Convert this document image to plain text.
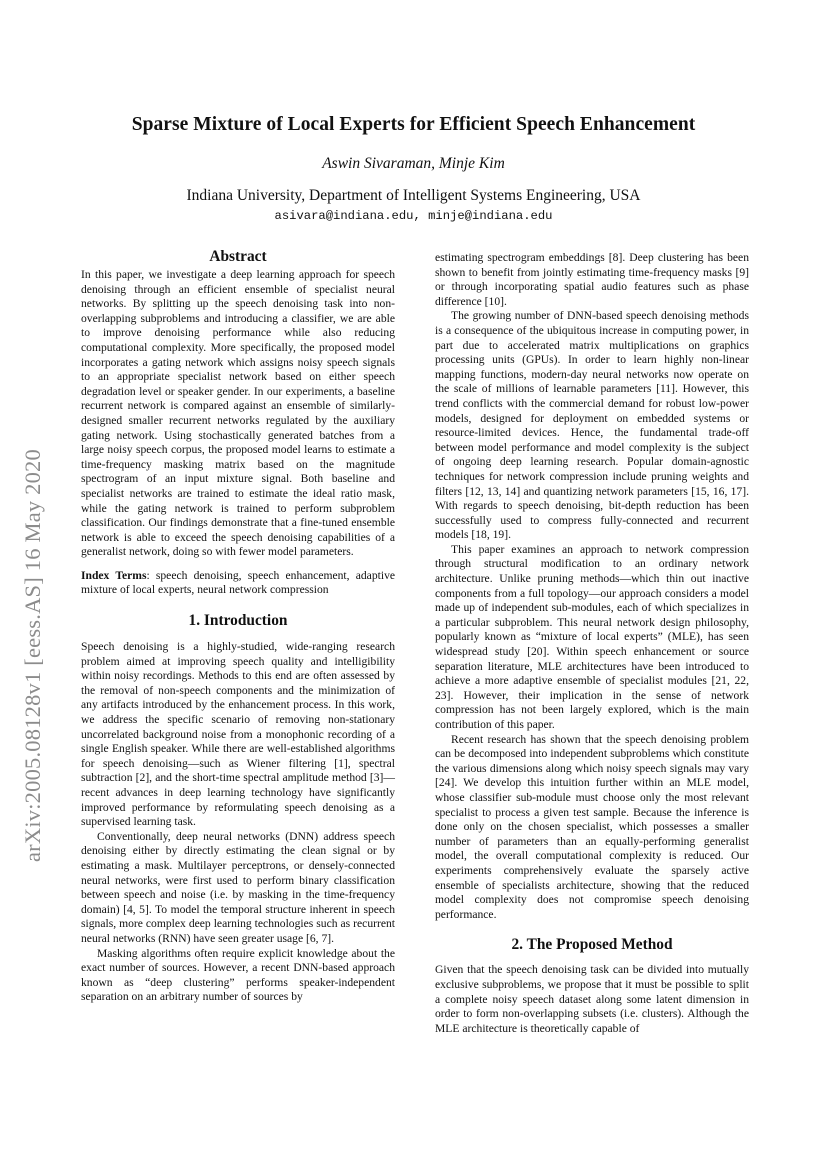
Sparse Mixture of Local Experts for Efficient Speech Enhancement
Aswin Sivaraman, Minje Kim
Indiana University, Department of Intelligent Systems Engineering, USA
asivara@indiana.edu, minje@indiana.edu
arXiv:2005.08128v1 [eess.AS] 16 May 2020
Abstract

In this paper, we investigate a deep learning approach for speech denoising through an efficient ensemble of specialist neural networks. By splitting up the speech denoising task into non-overlapping subproblems and introducing a classifier, we are able to improve denoising performance while also reducing computational complexity. More specifically, the proposed model incorporates a gating network which assigns noisy speech signals to an appropriate specialist network based on either speech degradation level or speaker gender. In our experiments, a baseline recurrent network is compared against an ensemble of similarly-designed smaller recurrent networks regulated by the auxiliary gating network. Using stochastically generated batches from a large noisy speech corpus, the proposed model learns to estimate a time-frequency masking matrix based on the magnitude spectrogram of an input mixture signal. Both baseline and specialist networks are trained to estimate the ideal ratio mask, while the gating network is trained to perform subproblem classification. Our findings demonstrate that a fine-tuned ensemble network is able to exceed the speech denoising capabilities of a generalist network, doing so with fewer model parameters.

Index Terms: speech denoising, speech enhancement, adaptive mixture of local experts, neural network compression

1. Introduction

Speech denoising is a highly-studied, wide-ranging research problem aimed at improving speech quality and intelligibility within noisy recordings. Methods to this end are often assessed by the removal of non-speech components and the minimization of any artifacts introduced by the enhancement process. In this work, we address the specific scenario of removing non-stationary uncorrelated background noise from a monophonic recording of a single English speaker. While there are well-established algorithms for speech denoising—such as Wiener filtering [1], spectral subtraction [2], and the short-time spectral amplitude method [3]—recent advances in deep learning technology have significantly improved performance by reformulating speech denoising as a supervised learning task.

Conventionally, deep neural networks (DNN) address speech denoising either by directly estimating the clean signal or by estimating a mask. Multilayer perceptrons, or densely-connected neural networks, were first used to perform binary classification between speech and noise (i.e. by masking in the time-frequency domain) [4, 5]. To model the temporal structure inherent in speech signals, more complex deep learning technologies such as recurrent neural networks (RNN) have seen greater usage [6, 7].

Masking algorithms often require explicit knowledge about the exact number of sources. However, a recent DNN-based approach known as “deep clustering” performs speaker-independent separation on an arbitrary number of sources by

estimating spectrogram embeddings [8]. Deep clustering has been shown to benefit from jointly estimating time-frequency masks [9] or through incorporating spatial audio features such as phase difference [10].

The growing number of DNN-based speech denoising methods is a consequence of the ubiquitous increase in computing power, in part due to accelerated matrix multiplications on graphics processing units (GPUs). In order to learn highly non-linear mapping functions, modern-day neural networks now operate on the scale of millions of learnable parameters [11]. However, this trend conflicts with the commercial demand for robust low-power models, designed for deployment on embedded systems or resource-limited devices. Hence, the fundamental trade-off between model performance and model complexity is the subject of ongoing deep learning research. Popular domain-agnostic techniques for network compression include pruning weights and filters [12, 13, 14] and quantizing network parameters [15, 16, 17]. With regards to speech denoising, bit-depth reduction has been successfully used to compress fully-connected and recurrent models [18, 19].

This paper examines an approach to network compression through structural modification to an ordinary network architecture. Unlike pruning methods—which thin out inactive components from a full topology—our approach considers a model made up of independent sub-modules, each of which specializes in a particular subproblem. This neural network design philosophy, popularly known as “mixture of local experts” (MLE), has seen widespread study [20]. Within speech enhancement or source separation literature, MLE architectures have been introduced to achieve a more adaptive ensemble of specialist modules [21, 22, 23]. However, their implication in the sense of network compression has not been largely explored, which is the main contribution of this paper.

Recent research has shown that the speech denoising problem can be decomposed into independent subproblems which constitute the various dimensions along which noisy speech signals may vary [24]. We develop this intuition further within an MLE model, whose classifier sub-module must choose only the most relevant specialist to process a given test sample. Because the inference is done only on the chosen specialist, which possesses a smaller number of parameters than an equally-performing generalist model, the overall computational complexity is reduced. Our experiments comprehensively evaluate the sparsely active ensemble of specialists architecture, showing that the reduced model complexity does not compromise speech denoising performance.

2. The Proposed Method

Given that the speech denoising task can be divided into mutually exclusive subproblems, we propose that it must be possible to split a complete noisy speech dataset along some latent dimension in order to form non-overlapping subsets (i.e. clusters). Although the MLE architecture is theoretically capable of
